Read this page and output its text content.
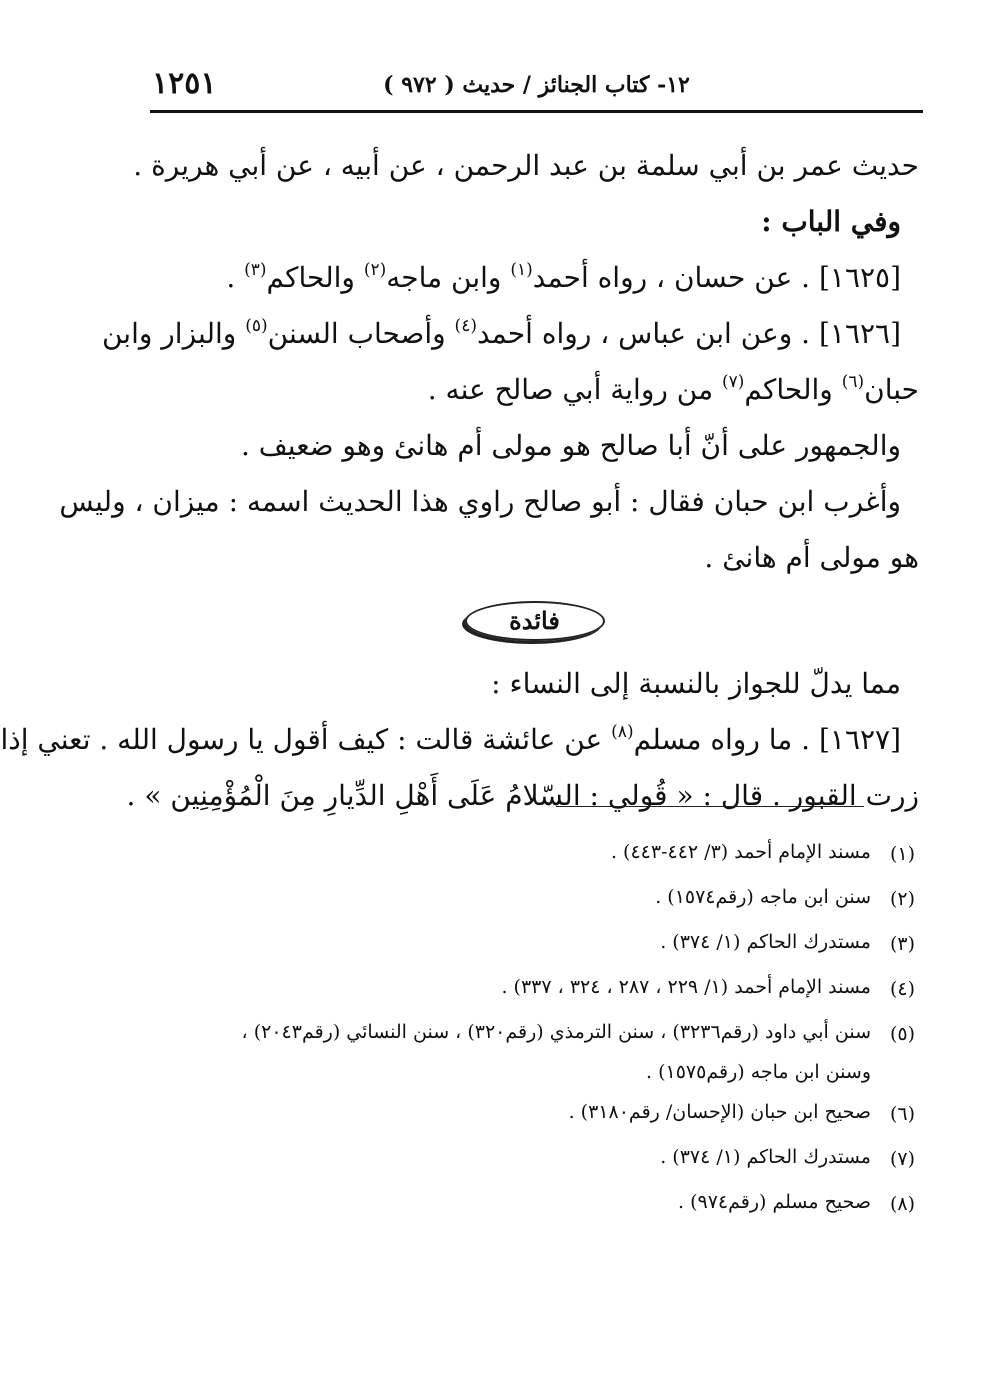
١٢- كتاب الجنائز / حديث ( ٩٧٢ )
١٢٥١
حديث عمر بن أبي سلمة بن عبد الرحمن ، عن أبيه ، عن أبي هريرة .
وفي الباب :
[١٦٢٥] . عن حسان ، رواه أحمد$^{(١)}$ وابن ماجه$^{(٢)}$ والحاكم$^{(٣)}$ .
[١٦٢٦] . وعن ابن عباس ، رواه أحمد$^{(٤)}$ وأصحاب السنن$^{(٥)}$ والبزار وابن
حبان$^{(٦)}$ والحاكم$^{(٧)}$ من رواية أبي صالح عنه .
والجمهور على أنّ أبا صالح هو مولى أم هانئ وهو ضعيف .
وأغرب ابن حبان فقال : أبو صالح راوي هذا الحديث اسمه : ميزان ، وليس
هو مولى أم هانئ .
فائدة
مما يدلّ للجواز بالنسبة إلى النساء :
[١٦٢٧] . ما رواه مسلم$^{(٨)}$ عن عائشة قالت : كيف أقول يا رسول الله . تعني إذا
زرت القبور . قال : « قُولي : السّلامُ عَلَى أَهْلِ الدِّيارِ مِنَ الْمُؤْمِنِين » .
(١)
مسند الإمام أحمد (٣/ ٤٤٢-٤٤٣) .
(٢)
سنن ابن ماجه (رقم١٥٧٤) .
(٣)
مستدرك الحاكم (١/ ٣٧٤) .
(٤)
مسند الإمام أحمد (١/ ٢٢٩ ، ٢٨٧ ، ٣٢٤ ، ٣٣٧) .
(٥)
سنن أبي داود (رقم٣٢٣٦) ، سنن الترمذي (رقم٣٢٠) ، سنن النسائي (رقم٢٠٤٣) ،
وسنن ابن ماجه (رقم١٥٧٥) .
(٦)
صحيح ابن حبان (الإحسان/ رقم٣١٨٠) .
(٧)
مستدرك الحاكم (١/ ٣٧٤) .
(٨)
صحيح مسلم (رقم٩٧٤) .
